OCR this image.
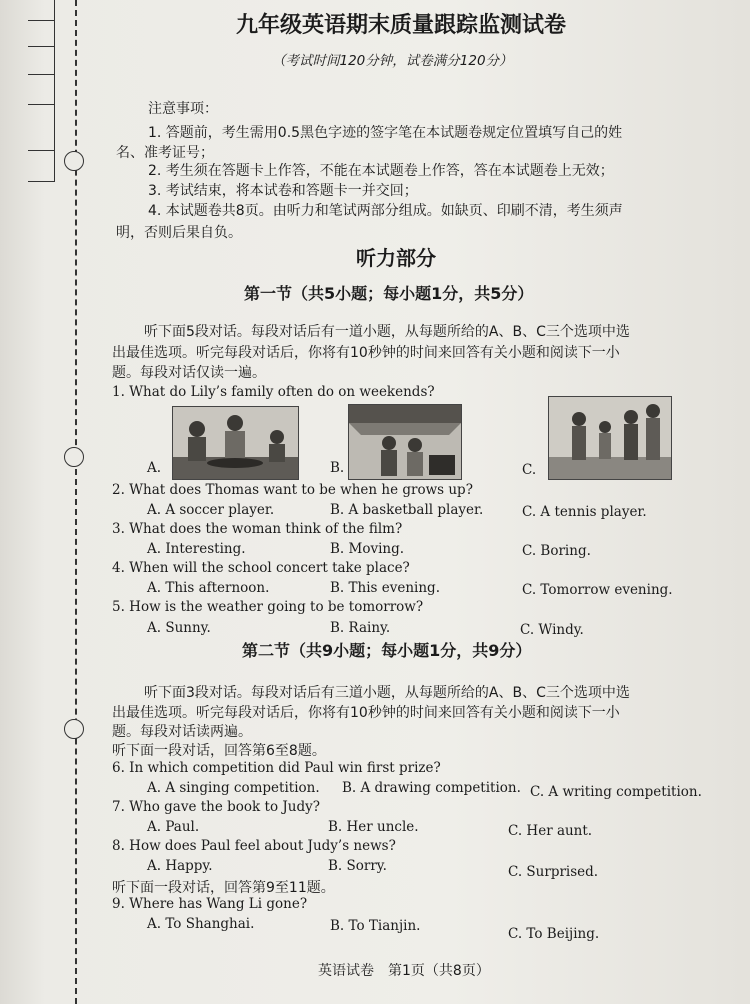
九年级英语期末质量跟踪监测试卷
（考试时间120分钟，试卷满分120分）
注意事项：
1. 答题前，考生需用0.5黑色字迹的签字笔在本试题卷规定位置填写自己的姓
名、准考证号；
2. 考生须在答题卡上作答，不能在本试题卷上作答，答在本试题卷上无效；
3. 考试结束，将本试卷和答题卡一并交回；
4. 本试题卷共8页。由听力和笔试两部分组成。如缺页、印刷不清，考生须声
明，否则后果自负。
听力部分
第一节（共5小题；每小题1分，共5分）
听下面5段对话。每段对话后有一道小题，从每题所给的A、B、C三个选项中选
出最佳选项。听完每段对话后，你将有10秒钟的时间来回答有关小题和阅读下一小
题。每段对话仅读一遍。
1. What do Lily’s family often do on weekends?
A.	B.	C.
2. What does Thomas want to be when he grows up?
A. A soccer player.	B. A basketball player.	C. A tennis player.
3. What does the woman think of the film?
A. Interesting.	B. Moving.	C. Boring.
4. When will the school concert take place?
A. This afternoon.	B. This evening.	C. Tomorrow evening.
5. How is the weather going to be tomorrow?
A. Sunny.	B. Rainy.	C. Windy.
第二节（共9小题；每小题1分，共9分）
听下面3段对话。每段对话后有三道小题，从每题所给的A、B、C三个选项中选
出最佳选项。听完每段对话后，你将有10秒钟的时间来回答有关小题和阅读下一小
题。每段对话读两遍。
听下面一段对话，回答第6至8题。
6. In which competition did Paul win first prize?
A. A singing competition. B. A drawing competition. C. A writing competition.
7. Who gave the book to Judy?
A. Paul.	B. Her uncle.	C. Her aunt.
8. How does Paul feel about Judy’s news?
A. Happy.	B. Sorry.	C. Surprised.
听下面一段对话，回答第9至11题。
9. Where has Wang Li gone?
A. To Shanghai.	B. To Tianjin.	C. To Beijing.
英语试卷　第1页（共8页）
